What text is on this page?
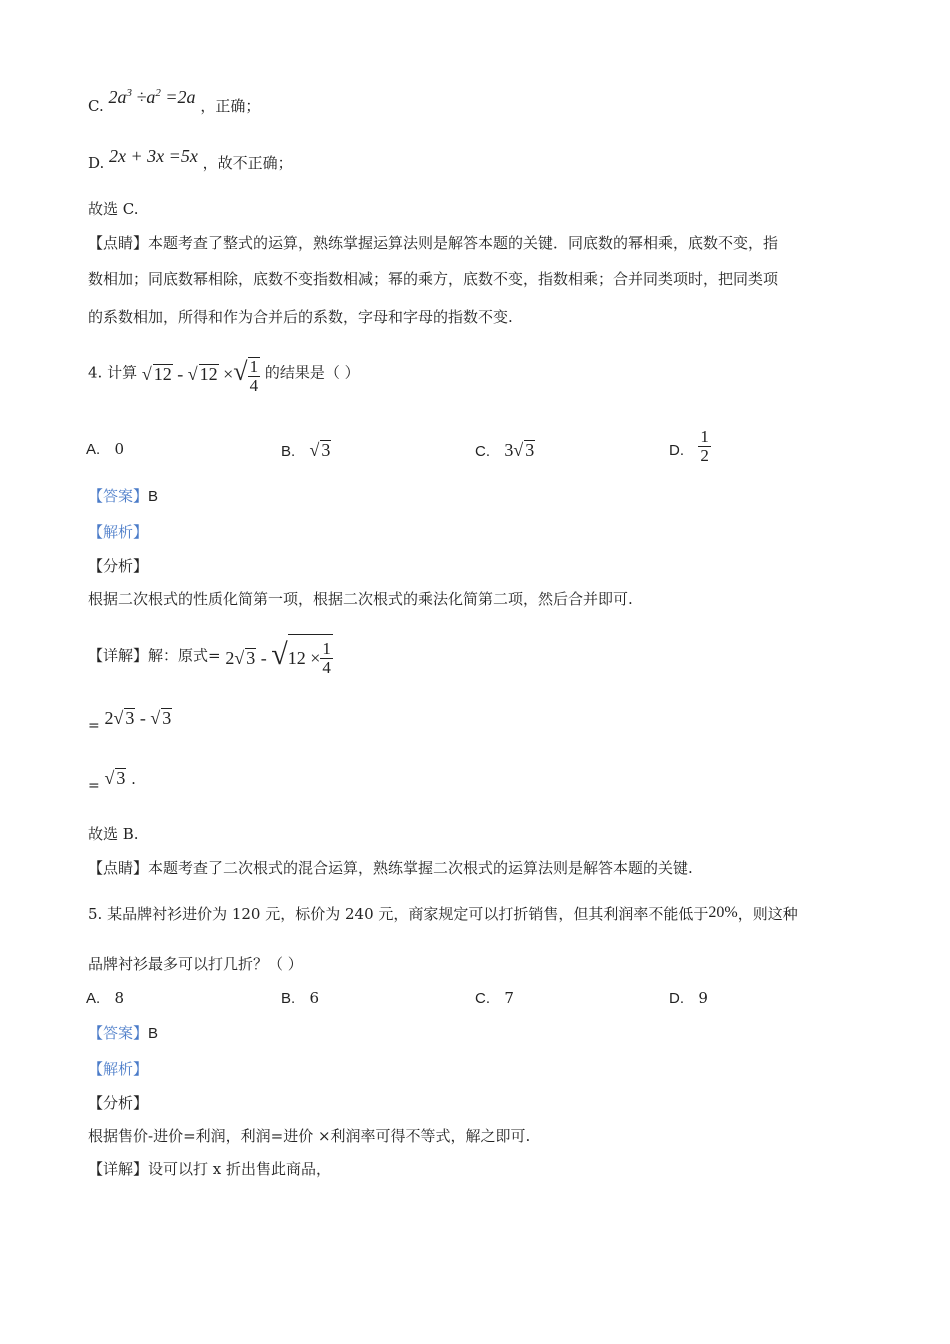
C. $2a^3 \div a^2 =2a$ ，正确；
D. 2x + 3x =5x ，故不正确；
故选 C.
【点睛】本题考查了整式的运算，熟练掌握运算法则是解答本题的关键．同底数的幂相乘，底数不变，指
数相加；同底数幂相除，底数不变指数相减；幂的乘方，底数不变，指数相乘；合并同类项时，把同类项
的系数相加，所得和作为合并后的系数，字母和字母的指数不变.
4. 计算 √ 12 - √ 12 ×√ $\frac{1}{4}$ 的结果是（ ）
A. 0	B. √ 3	C. 3√ 3	D. $\frac{1}{2}$
【答案】B
【解析】
【分析】
根据二次根式的性质化简第一项，根据二次根式的乘法化简第二项，然后合并即可.
【详解】解：原式= 2√ $3 - √12 \times \frac{1}{4}$
= 2√ 3 - √ 3
= √ 3 .
故选 B.
【点睛】本题考查了二次根式的混合运算，熟练掌握二次根式的运算法则是解答本题的关键.
5. 某品牌衬衫进价为 120 元，标价为 240 元，商家规定可以打折销售，但其利润率不能低于20%，则这种
品牌衬衫最多可以打几折？（ ）
A. 8	B. 6	C. 7	D. 9
【答案】B
【解析】
【分析】
根据售价-进价=利润，利润=进价 ×利润率可得不等式，解之即可.
【详解】设可以打 x 折出售此商品，
